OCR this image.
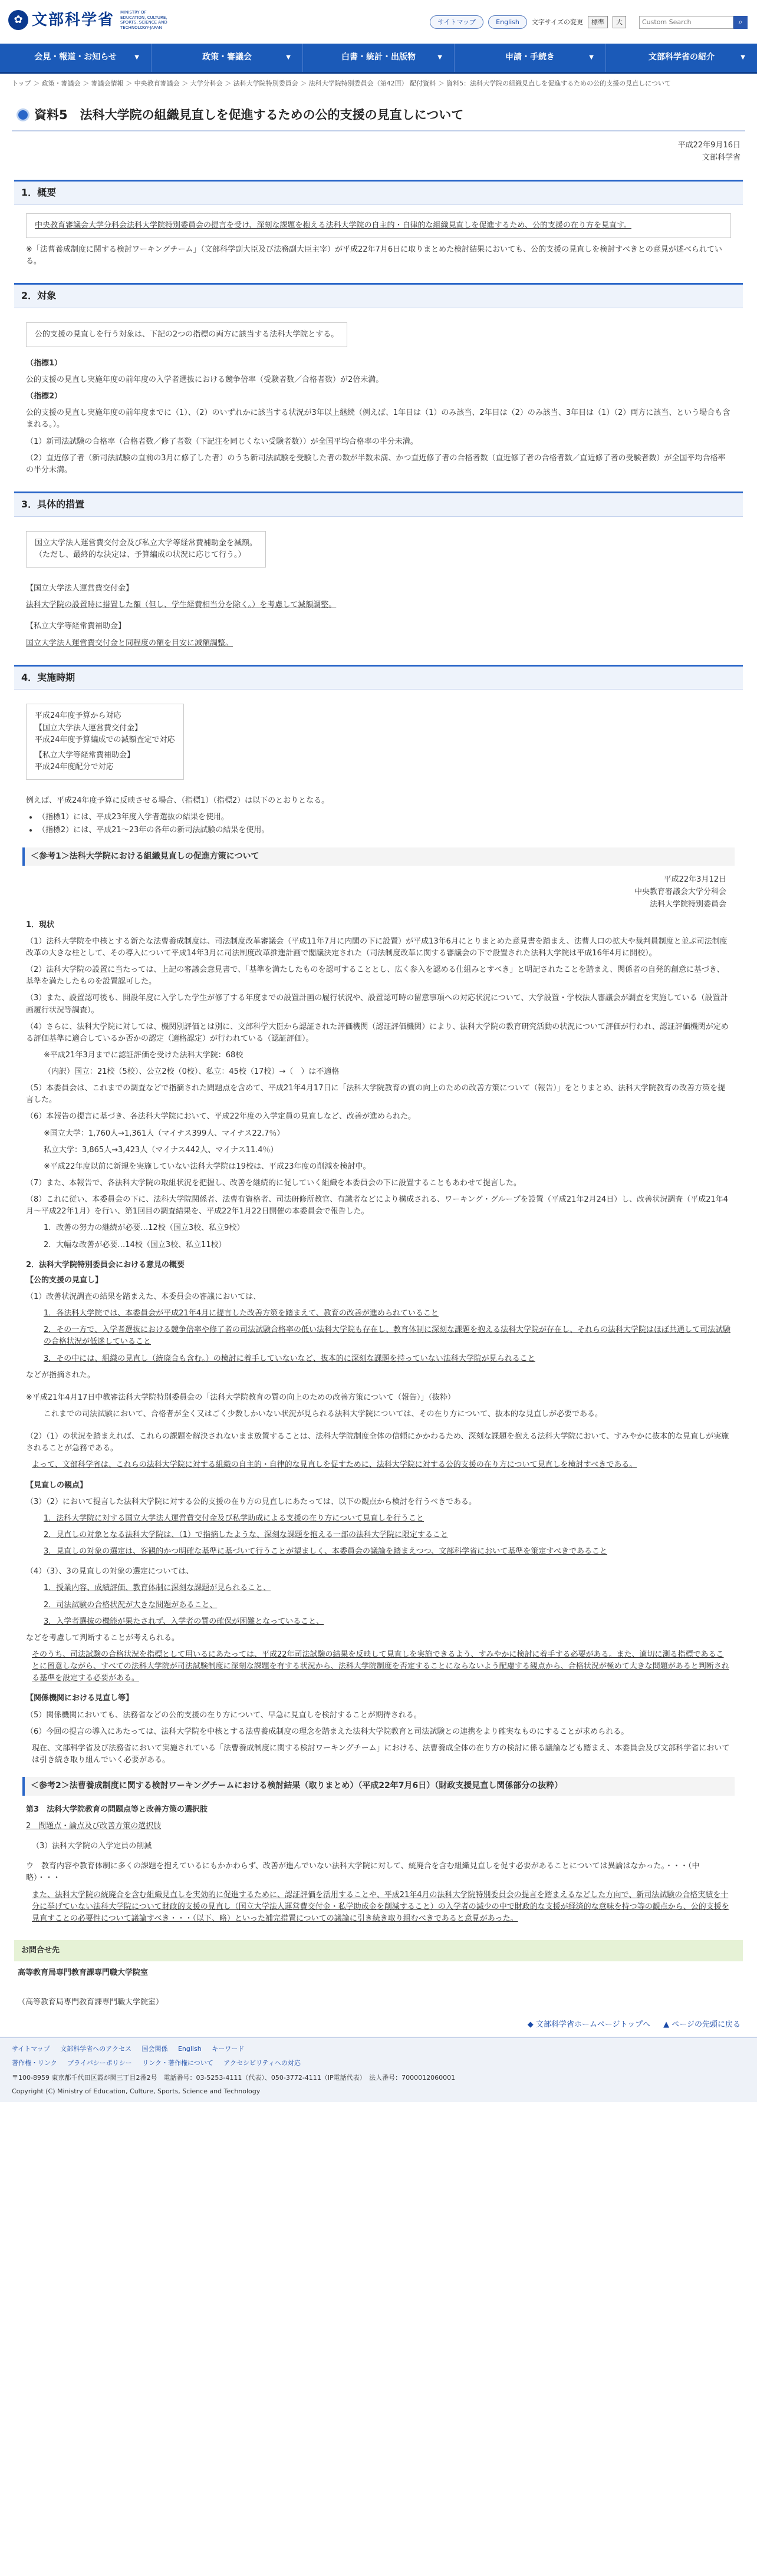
✿ 文部科学省 MINISTRY OF EDUCATION, CULTURE, SPORTS, SCIENCE AND TECHNOLOGY-JAPAN
サイトマップ	English	文字サイズの変更	標準	大
Custom Search	⌕
会見・報道・お知らせ	▼	政策・審議会	▼	白書・統計・出版物	▼	申請・手続き	▼	文部科学省の紹介	▼
トップ ＞ 政策・審議会 ＞ 審議会情報 ＞ 中央教育審議会 ＞ 大学分科会 ＞ 法科大学院特別委員会 ＞ 法科大学院特別委員会（第42回） 配付資料 ＞ 資料5：法科大学院の組織見直しを促進するための公的支援の見直しについて
資料5　法科大学院の組織見直しを促進するための公的支援の見直しについて
平成22年9月16日
文部科学省
1．概要
中央教育審議会大学分科会法科大学院特別委員会の提言を受け、深刻な課題を抱える法科大学院の自主的・自律的な組織見直しを促進するため、公的支援の在り方を見直す。

※「法曹養成制度に関する検討ワーキングチーム」（文部科学副大臣及び法務副大臣主宰）が平成22年7月6日に取りまとめた検討結果においても、公的支援の見直しを検討すべきとの意見が述べられている。

2．対象
公的支援の見直しを行う対象は、下記の2つの指標の両方に該当する法科大学院とする。

（指標1）

公的支援の見直し実施年度の前年度の入学者選抜における競争倍率（受験者数／合格者数）が2倍未満。

（指標2）

公的支援の見直し実施年度の前年度までに（1）、（2）のいずれかに該当する状況が3年以上継続（例えば、1年目は（1）のみ該当、2年目は（2）のみ該当、3年目は（1）（2）両方に該当、という場合も含まれる。）。

（1）新司法試験の合格率（合格者数／修了者数（下記注を同じくない受験者数））が全国平均合格率の半分未満。

（2）直近修了者（新司法試験の直前の3月に修了した者）のうち新司法試験を受験した者の数が半数未満、かつ直近修了者の合格者数（直近修了者の合格者数／直近修了者の受験者数）が全国平均合格率の半分未満。

3．具体的措置
国立大学法人運営費交付金及び私立大学等経常費補助金を減額。
（ただし、最終的な決定は、予算編成の状況に応じて行う。）

【国立大学法人運営費交付金】

法科大学院の設置時に措置した額（但し、学生経費相当分を除く。）を考慮して減額調整。

【私立大学等経常費補助金】

国立大学法人運営費交付金と同程度の額を目安に減額調整。

4．実施時期
平成24年度予算から対応
【国立大学法人運営費交付金】
平成24年度予算編成での減額査定で対応
【私立大学等経常費補助金】
平成24年度配分で対応

例えば、平成24年度予算に反映させる場合、（指標1）（指標2）は以下のとおりとなる。

• （指標1）には、平成23年度入学者選抜の結果を使用。
• （指標2）には、平成21〜23年の各年の新司法試験の結果を使用。
＜参考1＞法科大学院における組織見直しの促進方策について
平成22年3月12日
中央教育審議会大学分科会
法科大学院特別委員会
1．現状

（1）法科大学院を中核とする新たな法曹養成制度は、司法制度改革審議会（平成11年7月に内閣の下に設置）が平成13年6月にとりまとめた意見書を踏まえ、法曹人口の拡大や裁判員制度と並ぶ司法制度改革の大きな柱として、その導入について平成14年3月に司法制度改革推進計画で閣議決定された（司法制度改革に関する審議会の下で設置された法科大学院は平成16年4月に開校）。

（2）法科大学院の設置に当たっては、上記の審議会意見書で、「基準を満たしたものを認可することとし、広く参入を認める仕組みとすべき」と明記されたことを踏まえ、関係者の自発的創意に基づき、基準を満たしたものを設置認可した。

（3）また、設置認可後も、開設年度に入学した学生が修了する年度までの設置計画の履行状況や、設置認可時の留意事項への対応状況について、大学設置・学校法人審議会が調査を実施している（設置計画履行状況等調査）。

（4）さらに、法科大学院に対しては、機関別評価とは別に、文部科学大臣から認証された評価機関（認証評価機関）により、法科大学院の教育研究活動の状況について評価が行われ、認証評価機関が定める評価基準に適合しているか否かの認定（適格認定）が行われている（認証評価）。

※平成21年3月までに認証評価を受けた法科大学院：68校

（内訳）国立：21校（5校）、公立2校（0校）、私立：45校（17校）→（　）は不適格

（5）本委員会は、これまでの調査などで指摘された問題点を含めて、平成21年4月17日に「法科大学院教育の質の向上のための改善方策について（報告）」をとりまとめ、法科大学院教育の改善方策を提言した。

（6）本報告の提言に基づき、各法科大学院において、平成22年度の入学定員の見直しなど、改善が進められた。

※国立大学：1,760人→1,361人（マイナス399人、マイナス22.7％）

私立大学：3,865人→3,423人（マイナス442人、マイナス11.4％）

※平成22年度以前に新規を実施していない法科大学院は19校は、平成23年度の削減を検討中。

（7）また、本報告で、各法科大学院の取組状況を把握し、改善を継続的に促していく組織を本委員会の下に設置することもあわせて提言した。

（8）これに従い、本委員会の下に、法科大学院関係者、法曹有資格者、司法研修所教官、有識者などにより構成される、ワーキング・グループを設置（平成21年2月24日）し、改善状況調査（平成21年4月〜平成22年1月）を行い、第1回目の調査結果を、平成22年1月22日開催の本委員会で報告した。

1．改善の努力の継続が必要…12校（国立3校、私立9校）

2．大幅な改善が必要…14校（国立3校、私立11校）

2．法科大学院特別委員会における意見の概要
【公的支援の見直し】

（1）改善状況調査の結果を踏まえた、本委員会の審議においては、

1．各法科大学院では、本委員会が平成21年4月に提言した改善方策を踏まえて、教育の改善が進められていること

2．その一方で、入学者選抜における競争倍率や修了者の司法試験合格率の低い法科大学院も存在し、教育体制に深刻な課題を抱える法科大学院が存在し、それらの法科大学院はほぼ共通して司法試験の合格状況が低迷していること

3．その中には、組織の見直し（統廃合も含む。）の検討に着手していないなど、抜本的に深刻な課題を持っていない法科大学院が見られること

などが指摘された。

※平成21年4月17日中教審法科大学院特別委員会の「法科大学院教育の質の向上のための改善方策について（報告）」（抜粋）

これまでの司法試験において、合格者が全く又はごく少数しかいない状況が見られる法科大学院については、その在り方について、抜本的な見直しが必要である。

（2）（1）の状況を踏まえれば、これらの課題を解決されないまま放置することは、法科大学院制度全体の信頼にかかわるため、深刻な課題を抱える法科大学院において、すみやかに抜本的な見直しが実施されることが急務である。

よって、文部科学省は、これらの法科大学院に対する組織の自主的・自律的な見直しを促すために、法科大学院に対する公的支援の在り方について見直しを検討すべきである。

【見直しの観点】

（3）（2）において提言した法科大学院に対する公的支援の在り方の見直しにあたっては、以下の観点から検討を行うべきである。

1．法科大学院に対する国立大学法人運営費交付金及び私学助成による支援の在り方について見直しを行うこと

2．見直しの対象となる法科大学院は、（1）で指摘したような、深刻な課題を抱える一部の法科大学院に限定すること

3．見直しの対象の選定は、客観的かつ明確な基準に基づいて行うことが望ましく、本委員会の議論を踏まえつつ、文部科学省において基準を策定すべきであること

（4）（3）、3の見直しの対象の選定については、

1．授業内容、成績評価、教育体制に深刻な課題が見られること、

2．司法試験の合格状況が大きな問題があること、

3．入学者選抜の機能が果たされず、入学者の質の確保が困難となっていること、

などを考慮して判断することが考えられる。

そのうち、司法試験の合格状況を指標として用いるにあたっては、平成22年司法試験の結果を反映して見直しを実施できるよう、すみやかに検討に着手する必要がある。また、適切に測る指標であることに留意しながら、すべての法科大学院が司法試験制度に深刻な課題を有する状況から、法科大学院制度を否定することにならないよう配慮する観点から、合格状況が極めて大きな問題があると判断される基準を設定する必要がある。

【関係機関における見直し等】

（5）関係機関においても、法務省などの公的支援の在り方について、早急に見直しを検討することが期待される。

（6）今回の提言の導入にあたっては、法科大学院を中核とする法曹養成制度の理念を踏まえた法科大学院教育と司法試験との連携をより確実なものにすることが求められる。

現在、文部科学省及び法務省において実施されている「法曹養成制度に関する検討ワーキングチーム」における、法曹養成全体の在り方の検討に係る議論なども踏まえ、本委員会及び文部科学省においては引き続き取り組んでいく必要がある。

＜参考2＞法曹養成制度に関する検討ワーキングチームにおける検討結果（取りまとめ）（平成22年7月6日）（財政支援見直し関係部分の抜粋）
第3　法科大学院教育の問題点等と改善方策の選択肢

2　問題点・論点及び改善方策の選択肢

（3）法科大学院の入学定員の削減

ウ　教育内容や教育体制に多くの課題を抱えているにもかかわらず、改善が進んでいない法科大学院に対して、統廃合を含む組織見直しを促す必要があることについては異論はなかった。・・・（中略）・・・

また、法科大学院の統廃合を含む組織見直しを実効的に促進するために、認証評価を活用することや、平成21年4月の法科大学院特別委員会の提言を踏まえるなどした方向で、新司法試験の合格実績を十分に挙げていない法科大学院について財政的支援の見直し（国立大学法人運営費交付金・私学助成金を削減すること）の入学者の減少の中で財政的な支援が経済的な意味を持つ等の観点から、公的支援を見直すことの必要性について議論すべき・・・（以下、略）といった補完措置についての議論に引き続き取り組むべきであると意見があった。

お問合せ先
高等教育局専門教育課専門職大学院室
（高等教育局専門教育課専門職大学院室）
◆ 文部科学省ホームページトップへ ▲ ページの先頭に戻る
サイトマップ 文部科学省へのアクセス 国会関係 English キーワード
著作権・リンク プライバシーポリシー リンク・著作権について アクセシビリティへの対応
〒100-8959 東京都千代田区霞が関三丁目2番2号　電話番号：03-5253-4111（代表）、050-3772-4111（IP電話代表）　法人番号：7000012060001
Copyright (C) Ministry of Education, Culture, Sports, Science and Technology
